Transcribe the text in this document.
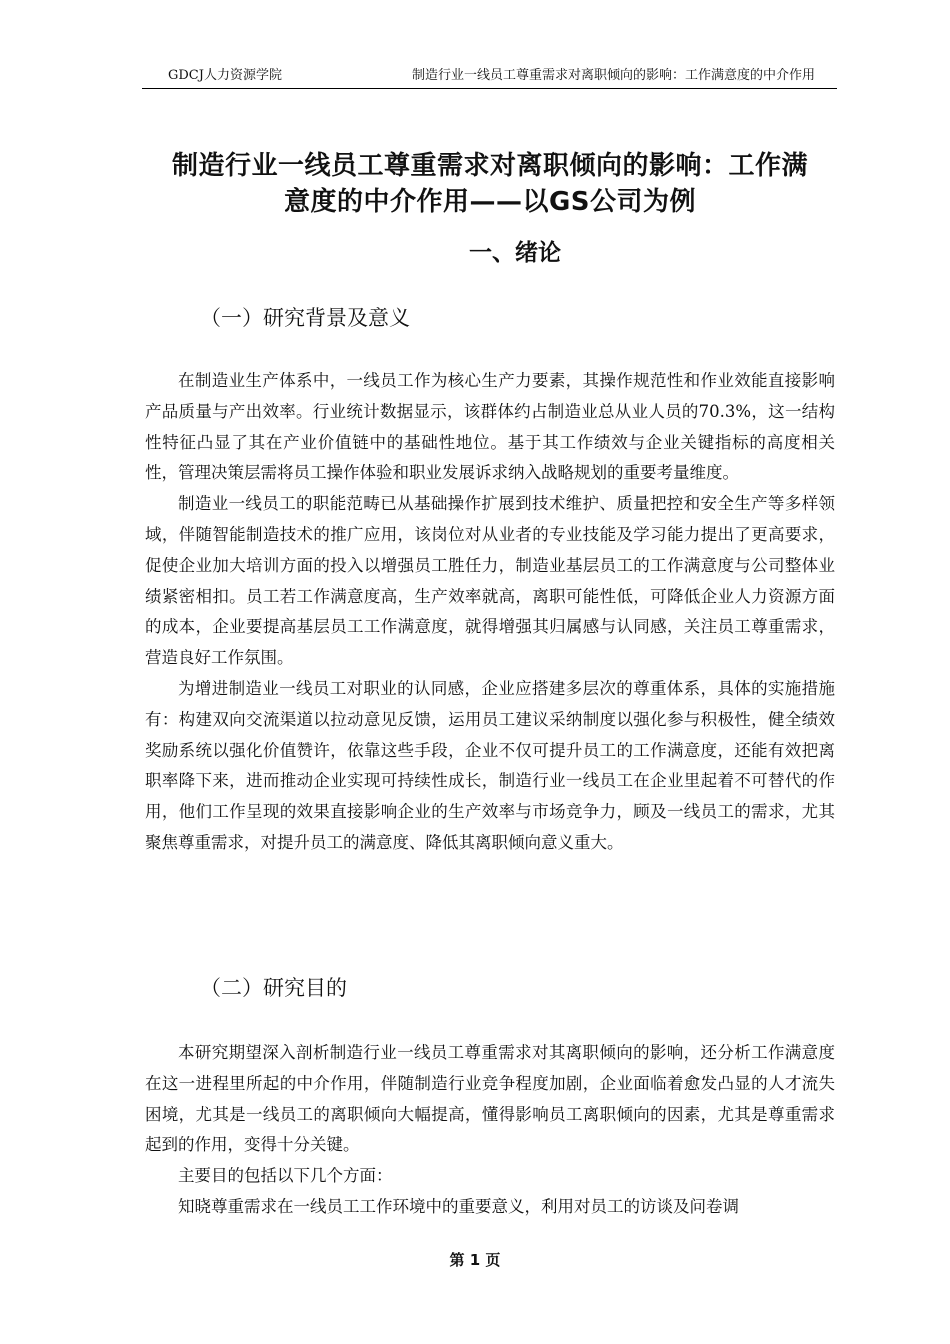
GDCJ人力资源学院	制造行业一线员工尊重需求对离职倾向的影响：工作满意度的中介作用
制造行业一线员工尊重需求对离职倾向的影响：工作满
意度的中介作用——以GS公司为例
一、绪论
（一）研究背景及意义

在制造业生产体系中，一线员工作为核心生产力要素，其操作规范性和作业效能直接影响产品质量与产出效率。行业统计数据显示，该群体约占制造业总从业人员的70.3%，这一结构性特征凸显了其在产业价值链中的基础性地位。基于其工作绩效与企业关键指标的高度相关性，管理决策层需将员工操作体验和职业发展诉求纳入战略规划的重要考量维度。

制造业一线员工的职能范畴已从基础操作扩展到技术维护、质量把控和安全生产等多样领域，伴随智能制造技术的推广应用，该岗位对从业者的专业技能及学习能力提出了更高要求，促使企业加大培训方面的投入以增强员工胜任力，制造业基层员工的工作满意度与公司整体业绩紧密相扣。员工若工作满意度高，生产效率就高，离职可能性低，可降低企业人力资源方面的成本，企业要提高基层员工工作满意度，就得增强其归属感与认同感，关注员工尊重需求，营造良好工作氛围。

为增进制造业一线员工对职业的认同感，企业应搭建多层次的尊重体系，具体的实施措施有：构建双向交流渠道以拉动意见反馈，运用员工建议采纳制度以强化参与积极性，健全绩效奖励系统以强化价值赞许，依靠这些手段，企业不仅可提升员工的工作满意度，还能有效把离职率降下来，进而推动企业实现可持续性成长，制造行业一线员工在企业里起着不可替代的作用，他们工作呈现的效果直接影响企业的生产效率与市场竞争力，顾及一线员工的需求，尤其聚焦尊重需求，对提升员工的满意度、降低其离职倾向意义重大。

（二）研究目的

本研究期望深入剖析制造行业一线员工尊重需求对其离职倾向的影响，还分析工作满意度在这一进程里所起的中介作用，伴随制造行业竞争程度加剧，企业面临着愈发凸显的人才流失困境，尤其是一线员工的离职倾向大幅提高，懂得影响员工离职倾向的因素，尤其是尊重需求起到的作用，变得十分关键。

主要目的包括以下几个方面：

知晓尊重需求在一线员工工作环境中的重要意义，利用对员工的访谈及问卷调

第 1 页
